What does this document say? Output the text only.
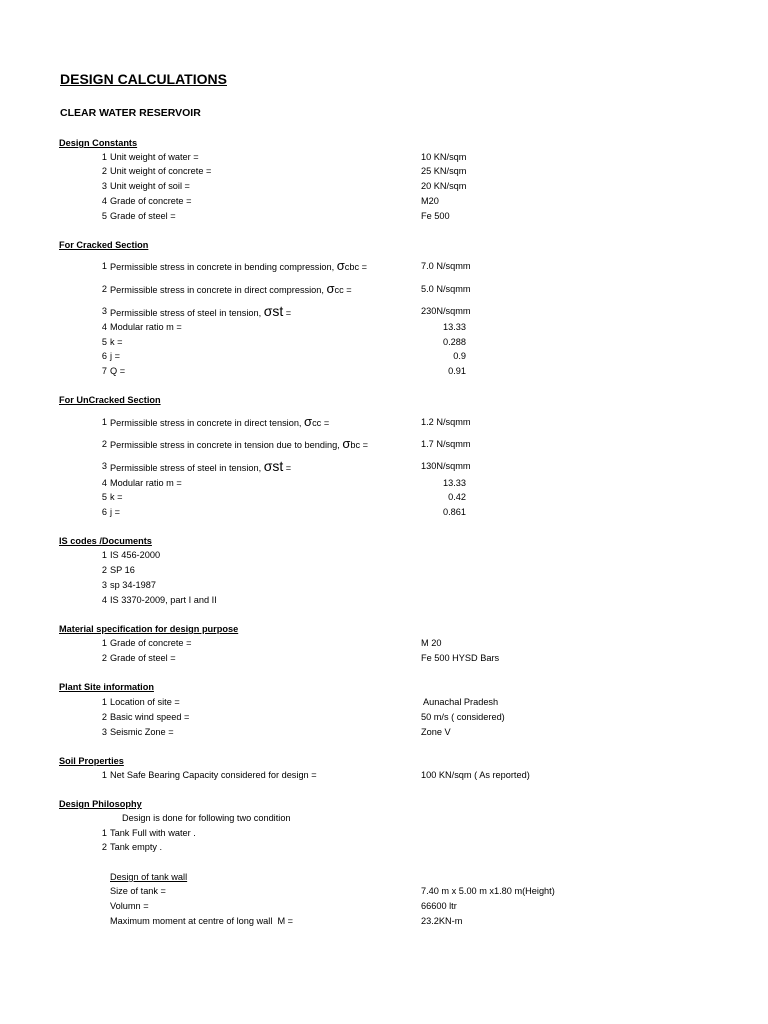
DESIGN CALCULATIONS
CLEAR WATER RESERVOIR
Design Constants
1 Unit weight of water =	10 KN/sqm
2 Unit weight of concrete =	25 KN/sqm
3 Unit weight of soil =	20 KN/sqm
4 Grade of concrete =	M20
5 Grade of steel =	Fe 500
For Cracked Section
1 Permissible stress in concrete in bending compression, σcbc =	7.0 N/sqmm
2 Permissible stress in concrete in direct compression, σcc =	5.0 N/sqmm
3 Permissible stress of steel in tension, σst =	230N/sqmm
4 Modular ratio m =	13.33
5 k =	0.288
6 j =	0.9
7 Q =	0.91
For UnCracked Section
1 Permissible stress in concrete in direct tension, σcc =	1.2 N/sqmm
2 Permissible stress in concrete in tension due to bending, σbc =	1.7 N/sqmm
3 Permissible stress of steel in tension, σst =	130N/sqmm
4 Modular ratio m =	13.33
5 k =	0.42
6 j =	0.861
IS codes /Documents
1 IS 456-2000
2 SP 16
3 sp 34-1987
4 IS 3370-2009, part I and II
Material specification for design purpose
1 Grade of concrete =	M 20
2 Grade of steel =	Fe 500 HYSD Bars
Plant Site information
1 Location of site =	Aunachal Pradesh
2 Basic wind speed =	50 m/s ( considered)
3 Seismic Zone =	Zone V
Soil Properties
1 Net Safe Bearing Capacity considered for design =	100 KN/sqm ( As reported)
Design Philosophy
Design is done for following two condition
1 Tank Full with water .
2 Tank empty .
Design of tank wall
Size of tank =	7.40 m x 5.00 m x1.80 m(Height)
Volumn =	66600 ltr
Maximum moment at centre of long wall  M =	23.2KN-m
